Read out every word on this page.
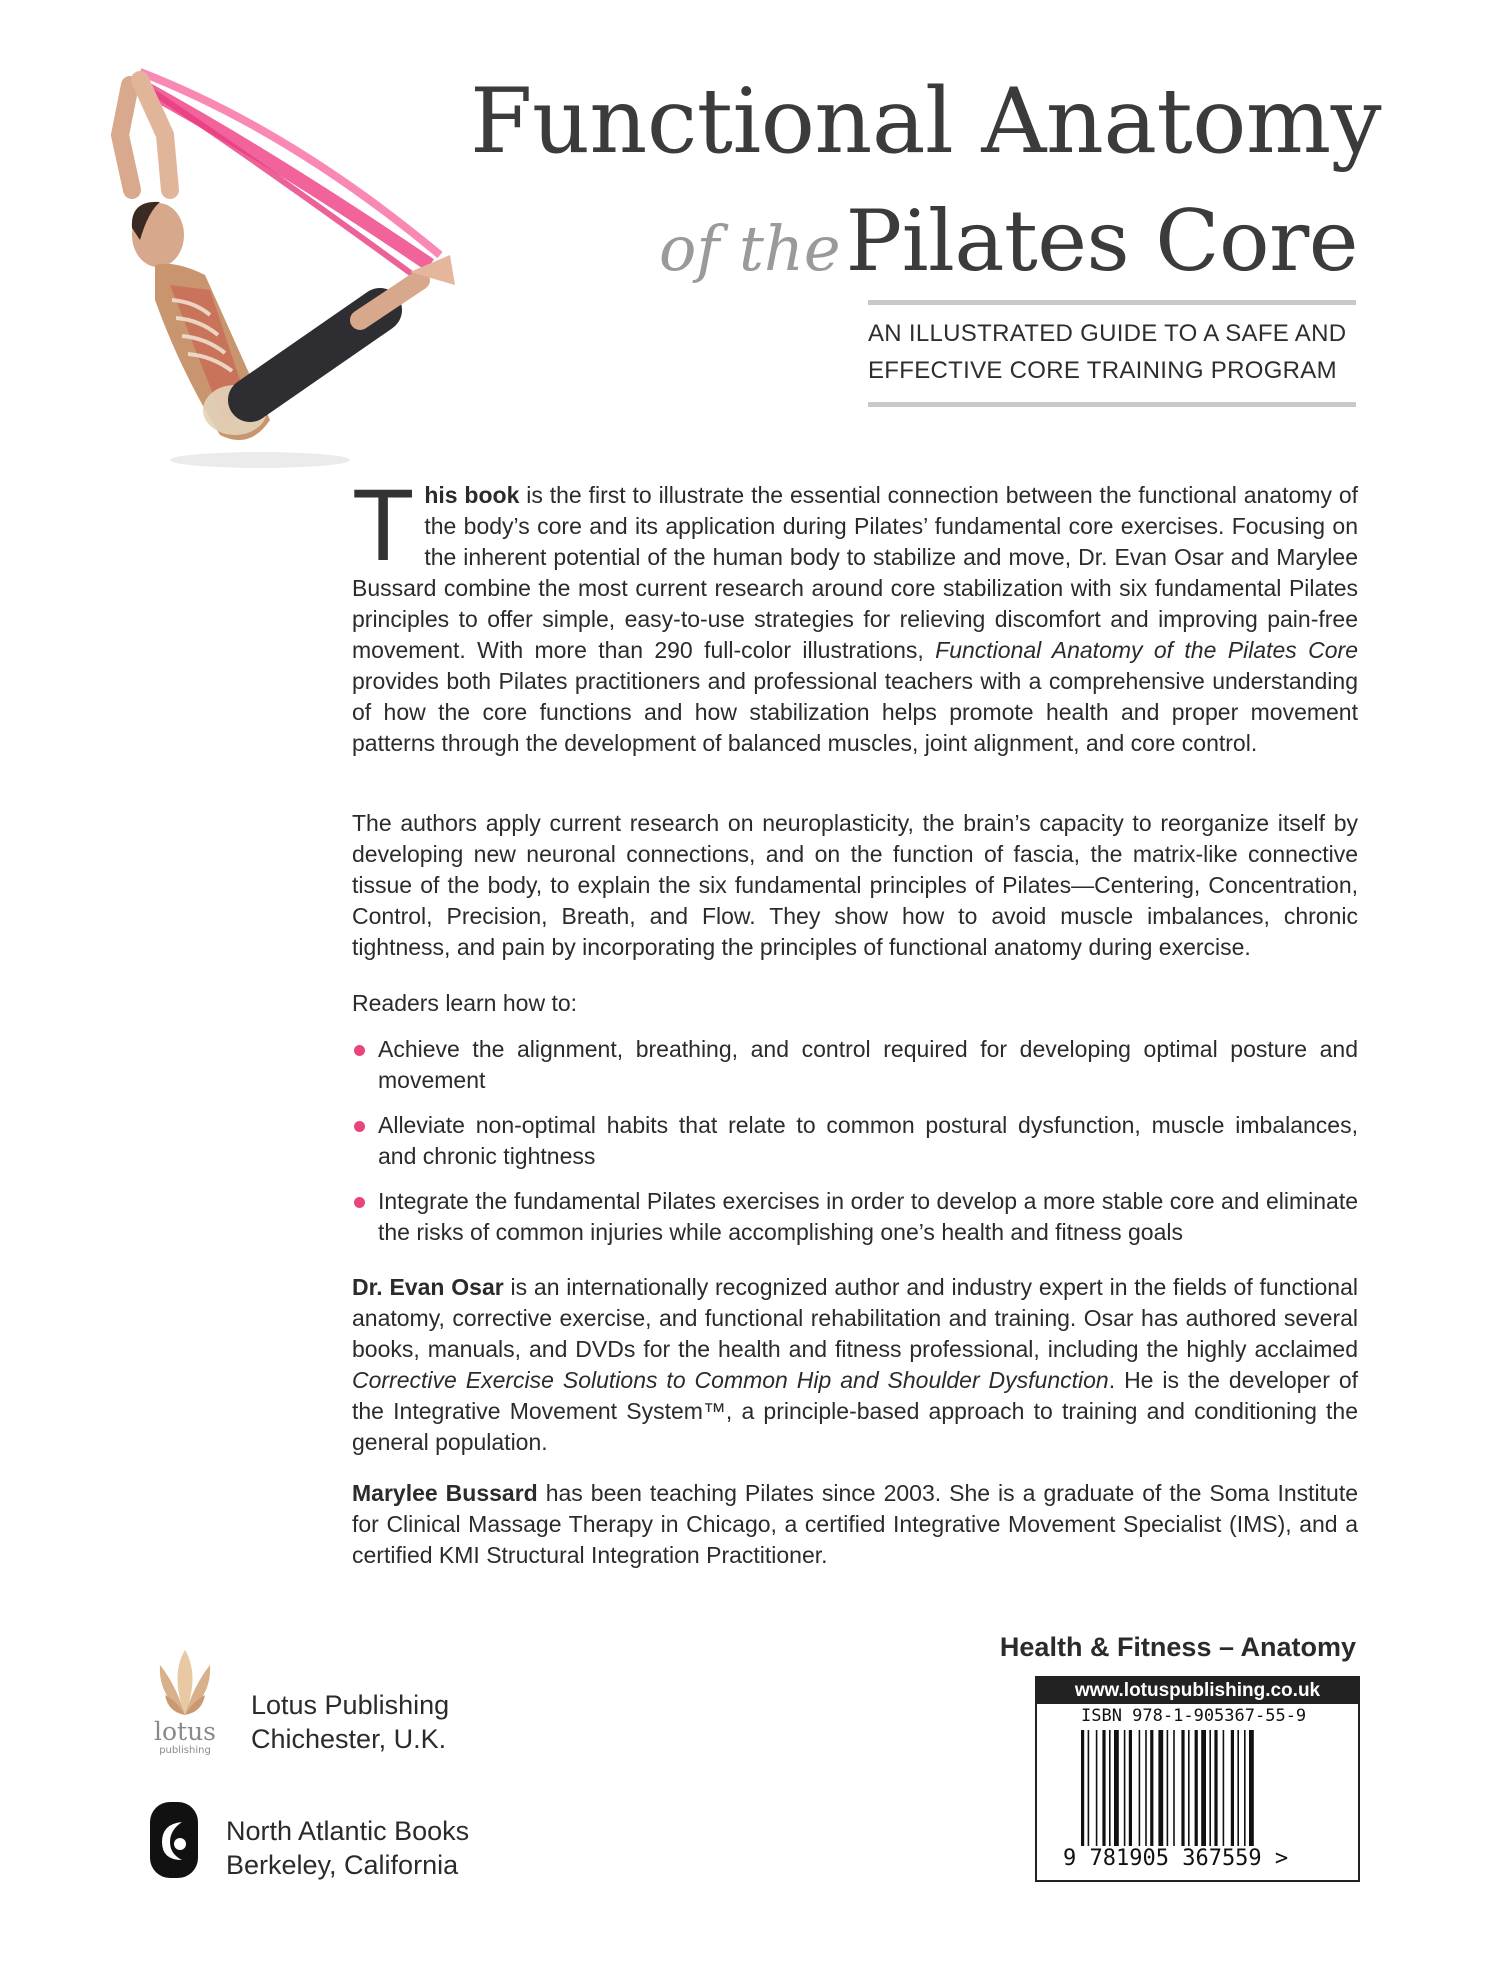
Functional Anatomy
of the Pilates Core
AN ILLUSTRATED GUIDE TO A SAFE AND
EFFECTIVE CORE TRAINING PROGRAM
This book is the first to illustrate the essential connection between the functional anatomy of the body’s core and its application during Pilates’ fundamental core exercises. Focusing on the inherent potential of the human body to stabilize and move, Dr. Evan Osar and Marylee Bussard combine the most current research around core stabilization with six fundamental Pilates principles to offer simple, easy-to-use strategies for relieving discomfort and improving pain-free movement. With more than 290 full-color illustrations, Functional Anatomy of the Pilates Core provides both Pilates practitioners and professional teachers with a comprehensive understanding of how the core functions and how stabilization helps promote health and proper movement patterns through the development of balanced muscles, joint alignment, and core control.
The authors apply current research on neuroplasticity, the brain’s capacity to reorganize itself by developing new neuronal connections, and on the function of fascia, the matrix-like connective tissue of the body, to explain the six fundamental principles of Pilates—Centering, Concentration, Control, Precision, Breath, and Flow. They show how to avoid muscle imbalances, chronic tightness, and pain by incorporating the principles of functional anatomy during exercise.
Readers learn how to:
Achieve the alignment, breathing, and control required for developing optimal posture and movement
Alleviate non-optimal habits that relate to common postural dysfunction, muscle imbalances, and chronic tightness
Integrate the fundamental Pilates exercises in order to develop a more stable core and eliminate the risks of common injuries while accomplishing one’s health and fitness goals
Dr. Evan Osar is an internationally recognized author and industry expert in the fields of functional anatomy, corrective exercise, and functional rehabilitation and training. Osar has authored several books, manuals, and DVDs for the health and fitness professional, including the highly acclaimed Corrective Exercise Solutions to Common Hip and Shoulder Dysfunction. He is the developer of the Integrative Movement System™, a principle-based approach to training and conditioning the general population.
Marylee Bussard has been teaching Pilates since 2003. She is a graduate of the Soma Institute for Clinical Massage Therapy in Chicago, a certified Integrative Movement Specialist (IMS), and a certified KMI Structural Integration Practitioner.
lotus
publishing
Lotus Publishing
Chichester, U.K.
North Atlantic Books
Berkeley, California
Health & Fitness – Anatomy
www.lotuspublishing.co.uk
ISBN 978-1-905367-55-9
9 781905 367559 >
